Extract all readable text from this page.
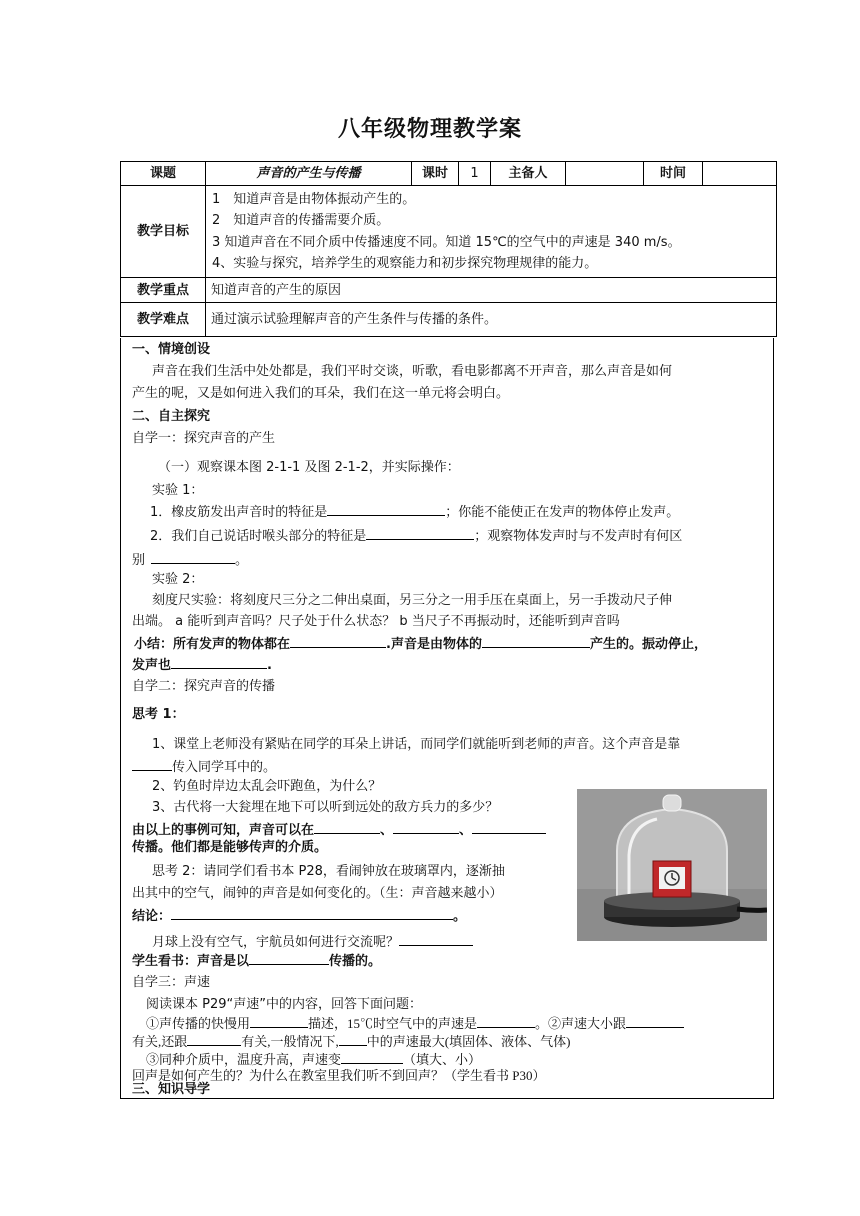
八年级物理教学案
课题	声音的产生与传播	课时	1	主备人		时间	
教学目标	1　知道声音是由物体振动产生的。
2　知道声音的传播需要介质。
3 知道声音在不同介质中传播速度不同。知道 15℃的空气中的声速是 340 m/s。
4、实验与探究，培养学生的观察能力和初步探究物理规律的能力。						

教学重点	知道声音的产生的原因						
教学难点	通过演示试验理解声音的产生条件与传播的条件。						
一、情境创设
声音在我们生活中处处都是，我们平时交谈，听歌，看电影都离不开声音，那么声音是如何
产生的呢，又是如何进入我们的耳朵，我们在这一单元将会明白。
二、自主探究
自学一：探究声音的产生
（一）观察课本图 2-1-1 及图 2-1-2，并实际操作：
实验 1：
1．橡皮筋发出声音时的特征是	；你能不能使正在发声的物体停止发声。
2．我们自己说话时喉头部分的特征是	；观察物体发声时与不发声时有何区
别	。
实验 2：
刻度尺实验：将刻度尺三分之二伸出桌面，另三分之一用手压在桌面上，另一手拨动尺子伸
出端。 a 能听到声音吗？尺子处于什么状态？ b 当尺子不再振动时，还能听到声音吗
小结：所有发声的物体都在	.声音是由物体的	产生的。振动停止，
发声也	.
自学二：探究声音的传播
思考 1：
1、课堂上老师没有紧贴在同学的耳朵上讲话，而同学们就能听到老师的声音。这个声音是靠
传入同学耳中的。
2、钓鱼时岸边太乱会吓跑鱼，为什么？
3、古代将一大瓮埋在地下可以听到远处的敌方兵力的多少？
由以上的事例可知，声音可以在	、	、
传播。他们都是能够传声的介质。
思考 2：请同学们看书本 P28，看闹钟放在玻璃罩内，逐渐抽
出其中的空气，闹钟的声音是如何变化的。（生：声音越来越小）
结论：	。
月球上没有空气，宇航员如何进行交流呢？
学生看书：声音是以	传播的。
自学三：声速
阅读课本 P29“声速”中的内容，回答下面问题：
①声传播的快慢用	描述，15℃时空气中的声速是	。②声速大小跟
有关,还跟	有关,一般情况下, 中的声速最大(填固体、液体、气体)
③同种介质中，温度升高，声速变	（填大、小）
回声是如何产生的？为什么在教室里我们听不到回声？（学生看书 P30）
三、知识导学
